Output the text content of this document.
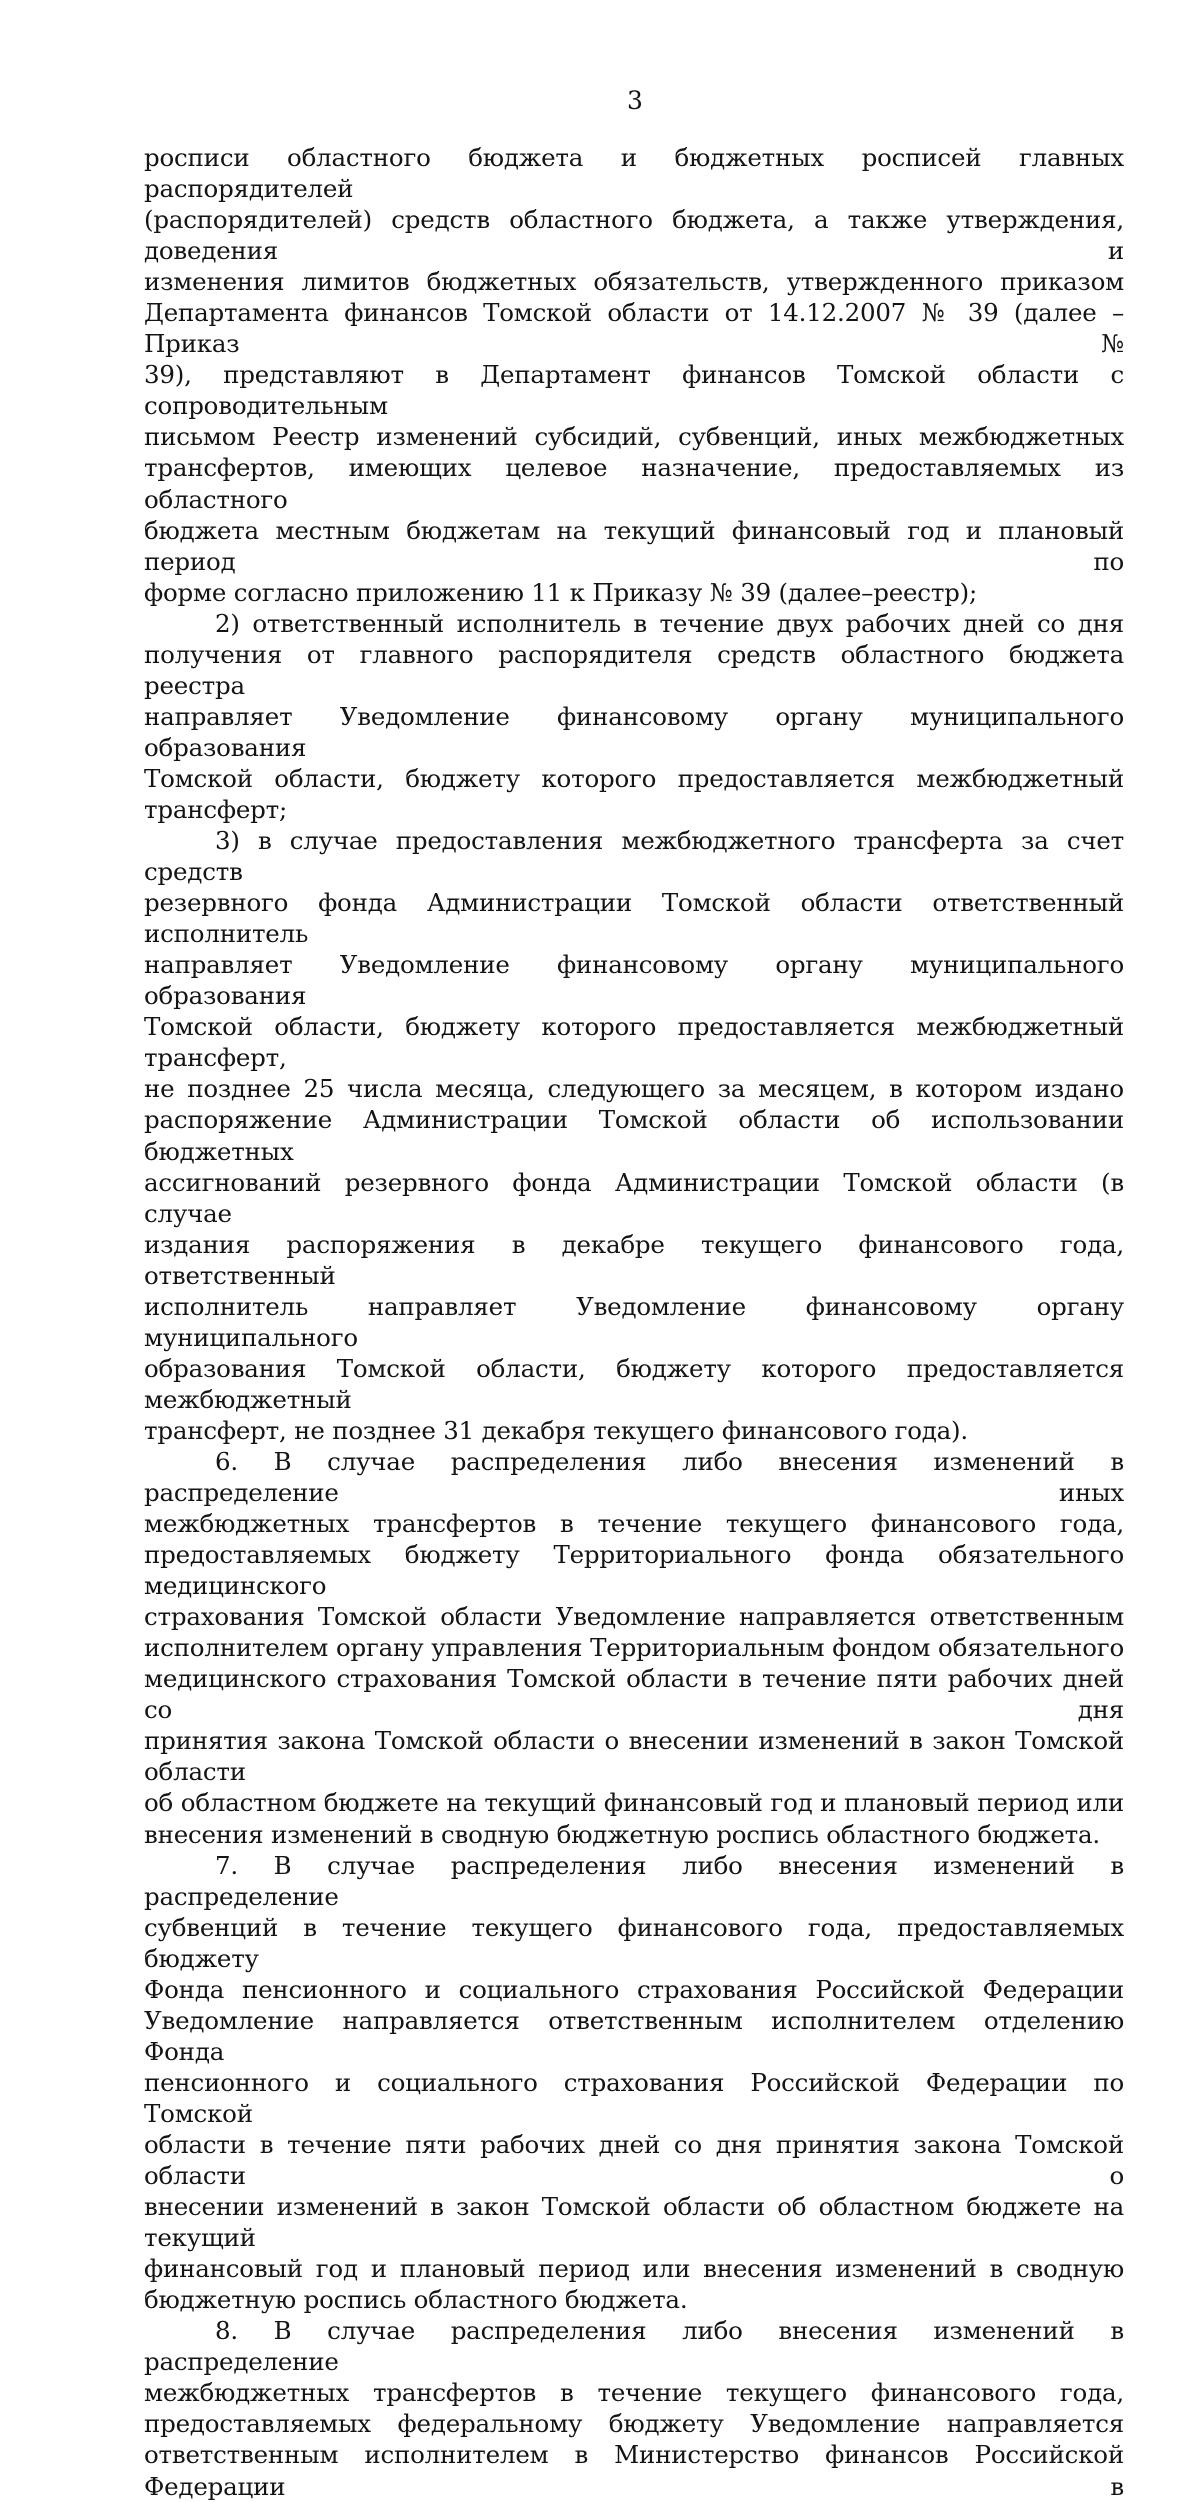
3
росписи областного бюджета и бюджетных росписей главных распорядителей
(распорядителей) средств областного бюджета, а также утверждения, доведения и
изменения лимитов бюджетных обязательств, утвержденного приказом
Департамента финансов Томской области от 14.12.2007 № 39 (далее – Приказ №
39), представляют в Департамент финансов Томской области с сопроводительным
письмом Реестр изменений субсидий, субвенций, иных межбюджетных
трансфертов, имеющих целевое назначение, предоставляемых из областного
бюджета местным бюджетам на текущий финансовый год и плановый период по
форме согласно приложению 11 к Приказу № 39 (далее–реестр);
2) ответственный исполнитель в течение двух рабочих дней со дня
получения от главного распорядителя средств областного бюджета реестра
направляет Уведомление финансовому органу муниципального образования
Томской области, бюджету которого предоставляется межбюджетный трансферт;
3) в случае предоставления межбюджетного трансферта за счет средств
резервного фонда Администрации Томской области ответственный исполнитель
направляет Уведомление финансовому органу муниципального образования
Томской области, бюджету которого предоставляется межбюджетный трансферт,
не позднее 25 числа месяца, следующего за месяцем, в котором издано
распоряжение Администрации Томской области об использовании бюджетных
ассигнований резервного фонда Администрации Томской области (в случае
издания распоряжения в декабре текущего финансового года, ответственный
исполнитель направляет Уведомление финансовому органу муниципального
образования Томской области, бюджету которого предоставляется межбюджетный
трансферт, не позднее 31 декабря текущего финансового года).
6. В случае распределения либо внесения изменений в распределение иных
межбюджетных трансфертов в течение текущего финансового года,
предоставляемых бюджету Территориального фонда обязательного медицинского
страхования Томской области Уведомление направляется ответственным
исполнителем органу управления Территориальным фондом обязательного
медицинского страхования Томской области в течение пяти рабочих дней со дня
принятия закона Томской области о внесении изменений в закон Томской области
об областном бюджете на текущий финансовый год и плановый период или
внесения изменений в сводную бюджетную роспись областного бюджета.
7. В случае распределения либо внесения изменений в распределение
субвенций в течение текущего финансового года, предоставляемых бюджету
Фонда пенсионного и социального страхования Российской Федерации
Уведомление направляется ответственным исполнителем отделению Фонда
пенсионного и социального страхования Российской Федерации по Томской
области в течение пяти рабочих дней со дня принятия закона Томской области о
внесении изменений в закон Томской области об областном бюджете на текущий
финансовый год и плановый период или внесения изменений в сводную
бюджетную роспись областного бюджета.
8. В случае распределения либо внесения изменений в распределение
межбюджетных трансфертов в течение текущего финансового года,
предоставляемых федеральному бюджету Уведомление направляется
ответственным исполнителем в Министерство финансов Российской Федерации в
